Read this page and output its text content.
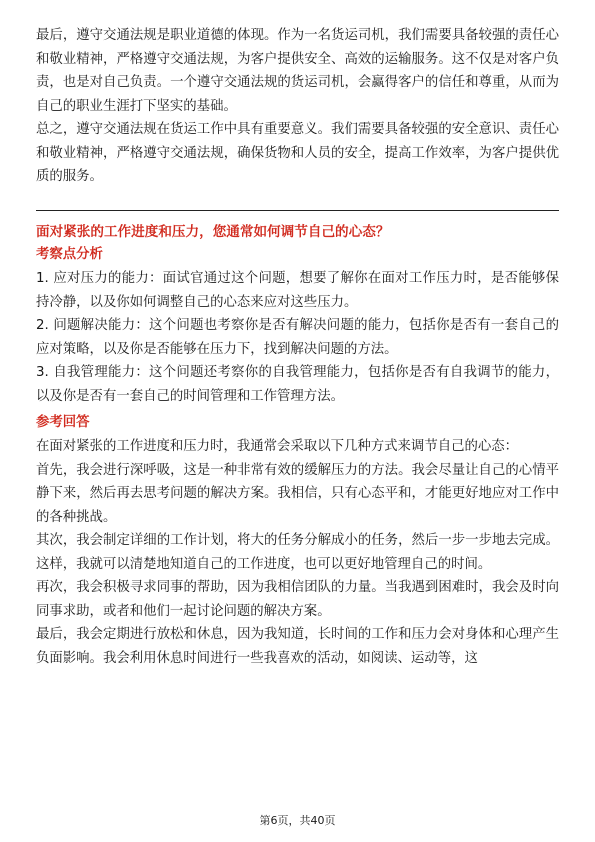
最后，遵守交通法规是职业道德的体现。作为一名货运司机，我们需要具备较强的责任心和敬业精神，严格遵守交通法规，为客户提供安全、高效的运输服务。这不仅是对客户负责，也是对自己负责。一个遵守交通法规的货运司机，会赢得客户的信任和尊重，从而为自己的职业生涯打下坚实的基础。

总之，遵守交通法规在货运工作中具有重要意义。我们需要具备较强的安全意识、责任心和敬业精神，严格遵守交通法规，确保货物和人员的安全，提高工作效率，为客户提供优质的服务。

面对紧张的工作进度和压力，您通常如何调节自己的心态？
考察点分析

1. 应对压力的能力：面试官通过这个问题，想要了解你在面对工作压力时，是否能够保持冷静，以及你如何调整自己的心态来应对这些压力。

2. 问题解决能力：这个问题也考察你是否有解决问题的能力，包括你是否有一套自己的应对策略，以及你是否能够在压力下，找到解决问题的方法。

3. 自我管理能力：这个问题还考察你的自我管理能力，包括你是否有自我调节的能力，以及你是否有一套自己的时间管理和工作管理方法。

参考回答

在面对紧张的工作进度和压力时，我通常会采取以下几种方式来调节自己的心态：

首先，我会进行深呼吸，这是一种非常有效的缓解压力的方法。我会尽量让自己的心情平静下来，然后再去思考问题的解决方案。我相信，只有心态平和，才能更好地应对工作中的各种挑战。

其次，我会制定详细的工作计划，将大的任务分解成小的任务，然后一步一步地去完成。这样，我就可以清楚地知道自己的工作进度，也可以更好地管理自己的时间。

再次，我会积极寻求同事的帮助，因为我相信团队的力量。当我遇到困难时，我会及时向同事求助，或者和他们一起讨论问题的解决方案。

最后，我会定期进行放松和休息，因为我知道，长时间的工作和压力会对身体和心理产生负面影响。我会利用休息时间进行一些我喜欢的活动，如阅读、运动等，这

第6页，共40页
